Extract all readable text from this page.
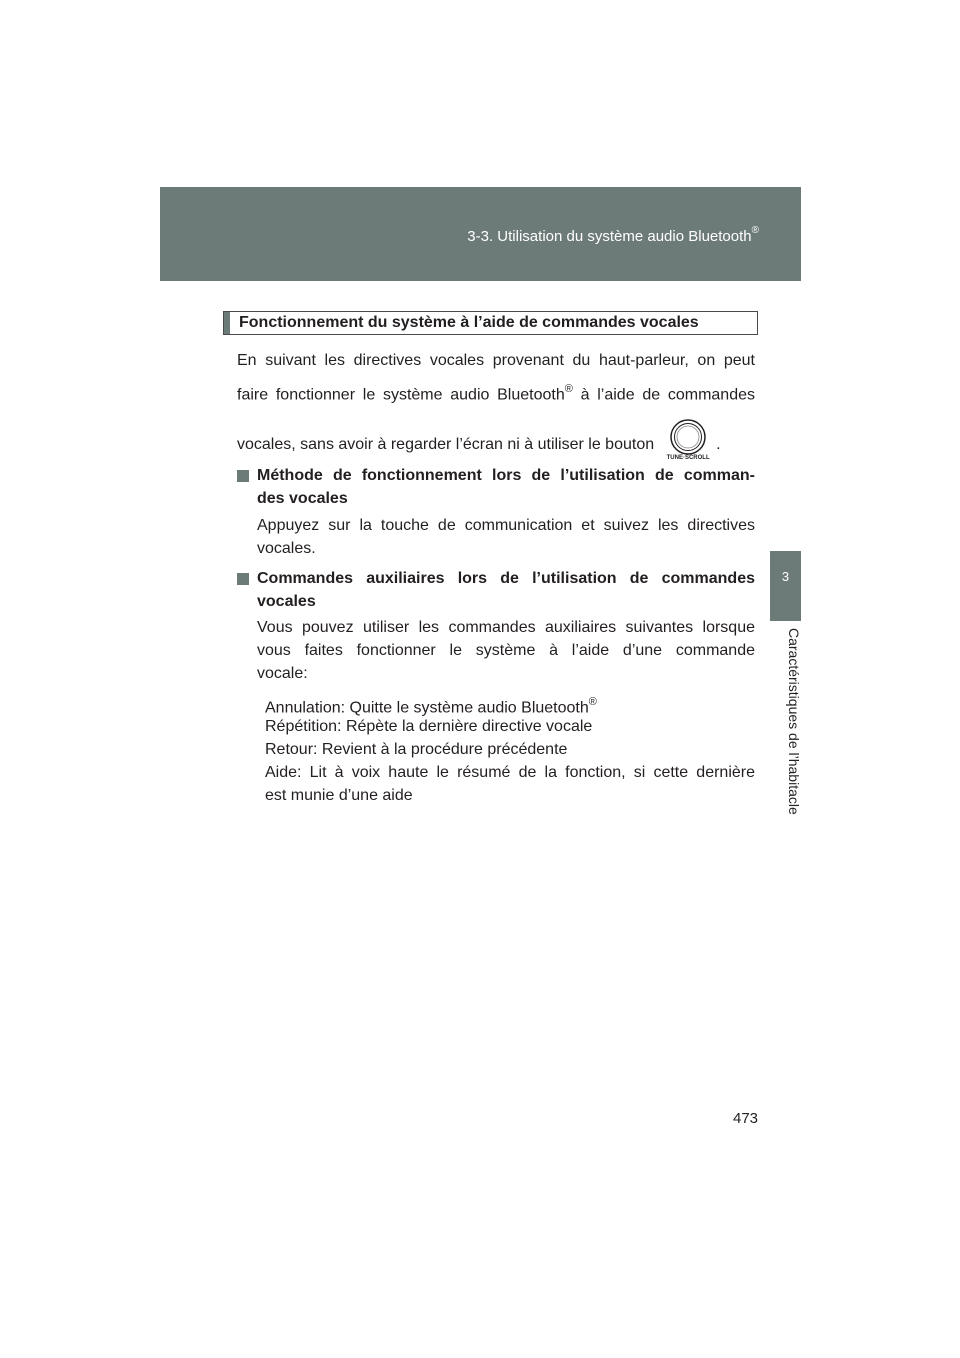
3-3. Utilisation du système audio Bluetooth®
3
Caractéristiques de l’habitacle
Fonctionnement du système à l’aide de commandes vocales
En suivant les directives vocales provenant du haut-parleur, on peut
faire fonctionner le système audio Bluetooth® à l’aide de commandes
vocales, sans avoir à regarder l’écran ni à utiliser le bouton
TUNE·SCROLL
.
Méthode de fonctionnement lors de l’utilisation de comman-
des vocales
Appuyez sur la touche de communication et suivez les directives
vocales.
Commandes auxiliaires lors de l’utilisation de commandes
vocales
Vous pouvez utiliser les commandes auxiliaires suivantes lorsque
vous faites fonctionner le système à l’aide d’une commande
vocale:
Annulation: Quitte le système audio Bluetooth®
Répétition: Répète la dernière directive vocale
Retour: Revient à la procédure précédente
Aide: Lit à voix haute le résumé de la fonction, si cette dernière
est munie d’une aide
473
